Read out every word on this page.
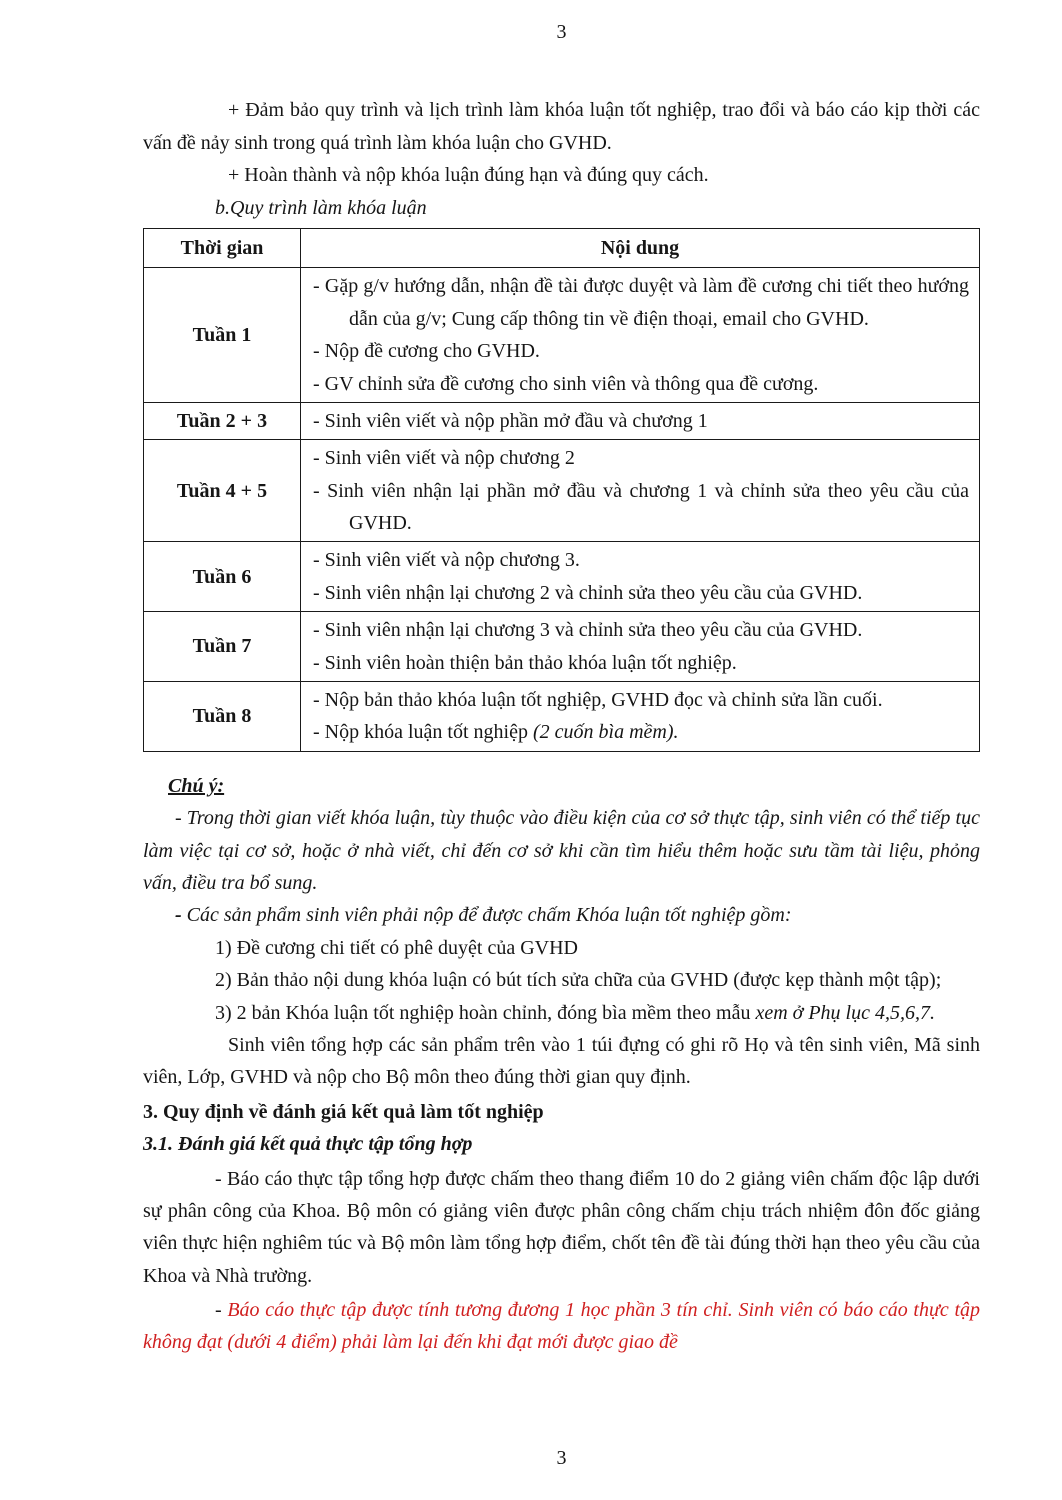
3

+ Đảm bảo quy trình và lịch trình làm khóa luận tốt nghiệp, trao đổi và báo cáo kịp thời các vấn đề nảy sinh trong quá trình làm khóa luận cho GVHD.

+ Hoàn thành và nộp khóa luận đúng hạn và đúng quy cách.

b.Quy trình làm khóa luận

Thời gian	Nội dung
Tuần 1	- Gặp g/v hướng dẫn, nhận đề tài được duyệt và làm đề cương chi tiết theo hướng dẫn của g/v; Cung cấp thông tin về điện thoại, email cho GVHD.
- Nộp đề cương cho GVHD.
- GV chỉnh sửa đề cương cho sinh viên và thông qua đề cương.

Tuần 2 + 3	- Sinh viên viết và nộp phần mở đầu và chương 1

Tuần 4 + 5	- Sinh viên viết và nộp chương 2
- Sinh viên nhận lại phần mở đầu và chương 1 và chỉnh sửa theo yêu cầu của GVHD.

Tuần 6	- Sinh viên viết và nộp chương 3.
- Sinh viên nhận lại chương 2 và chỉnh sửa theo yêu cầu của GVHD.

Tuần 7	- Sinh viên nhận lại chương 3 và chỉnh sửa theo yêu cầu của GVHD.
- Sinh viên hoàn thiện bản thảo khóa luận tốt nghiệp.

Tuần 8	- Nộp bản thảo khóa luận tốt nghiệp, GVHD đọc và chỉnh sửa lần cuối.
- Nộp khóa luận tốt nghiệp (2 cuốn bìa mềm).
Chú ý:

- Trong thời gian viết khóa luận, tùy thuộc vào điều kiện của cơ sở thực tập, sinh viên có thể tiếp tục làm việc tại cơ sở, hoặc ở nhà viết, chỉ đến cơ sở khi cần tìm hiểu thêm hoặc sưu tầm tài liệu, phỏng vấn, điều tra bổ sung.

- Các sản phẩm sinh viên phải nộp để được chấm Khóa luận tốt nghiệp gồm:

1) Đề cương chi tiết có phê duyệt của GVHD
2) Bản thảo nội dung khóa luận có bút tích sửa chữa của GVHD (được kẹp thành một tập);
3) 2 bản Khóa luận tốt nghiệp hoàn chỉnh, đóng bìa mềm theo mẫu xem ở Phụ lục 4,5,6,7.

Sinh viên tổng hợp các sản phẩm trên vào 1 túi đựng có ghi rõ Họ và tên sinh viên, Mã sinh viên, Lớp, GVHD và nộp cho Bộ môn theo đúng thời gian quy định.

3. Quy định về đánh giá kết quả làm tốt nghiệp
3.1. Đánh giá kết quả thực tập tổng hợp

- Báo cáo thực tập tổng hợp được chấm theo thang điểm 10 do 2 giảng viên chấm độc lập dưới sự phân công của Khoa. Bộ môn có giảng viên được phân công chấm chịu trách nhiệm đôn đốc giảng viên thực hiện nghiêm túc và Bộ môn làm tổng hợp điểm, chốt tên đề tài đúng thời hạn theo yêu cầu của Khoa và Nhà trường.

- Báo cáo thực tập được tính tương đương 1 học phần 3 tín chỉ. Sinh viên có báo cáo thực tập không đạt (dưới 4 điểm) phải làm lại đến khi đạt mới được giao đề

3
